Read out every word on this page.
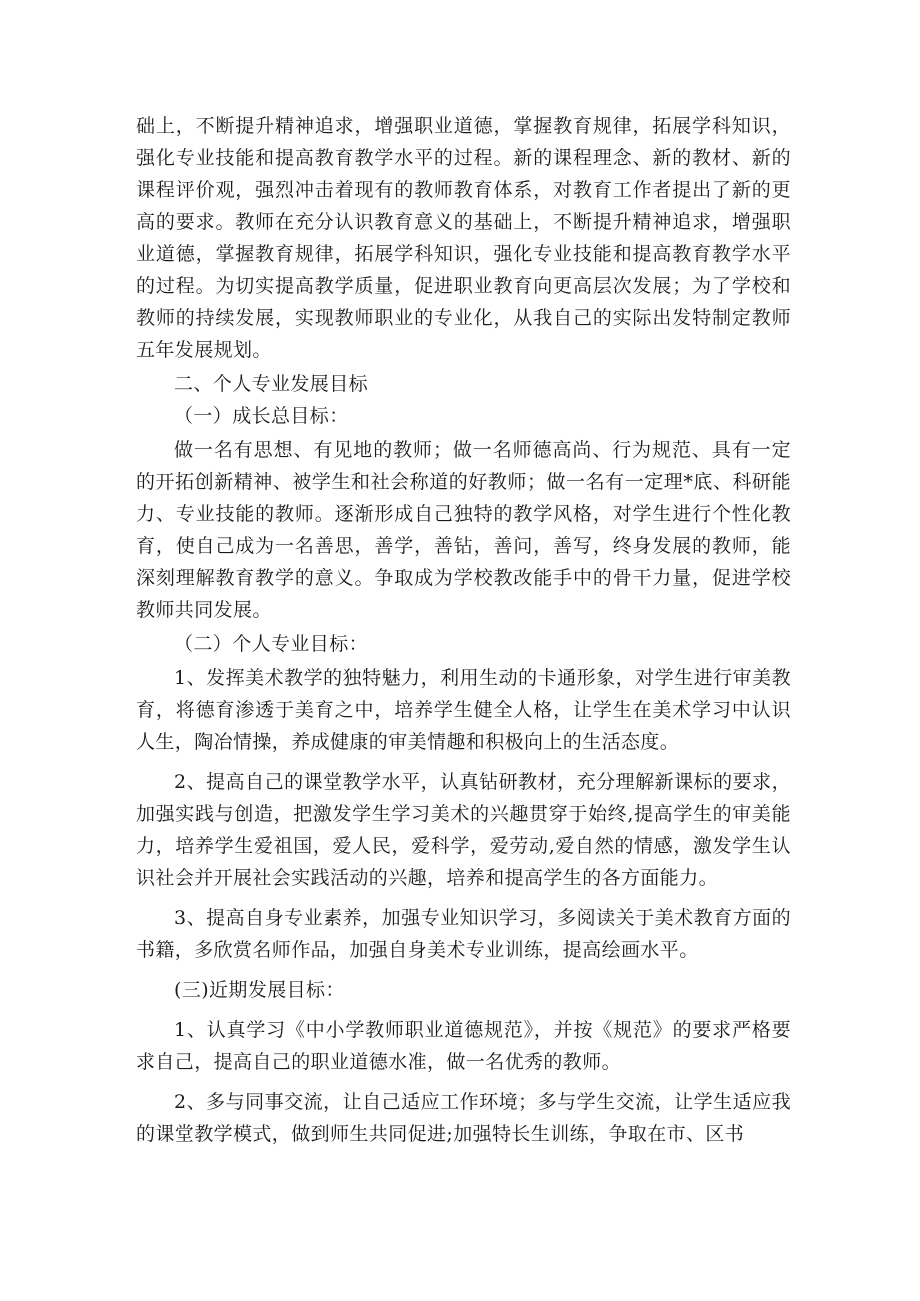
础上，不断提升精神追求，增强职业道德，掌握教育规律，拓展学科知识，强化专业技能和提高教育教学水平的过程。新的课程理念、新的教材、新的课程评价观，强烈冲击着现有的教师教育体系，对教育工作者提出了新的更高的要求。教师在充分认识教育意义的基础上，不断提升精神追求，增强职业道德，掌握教育规律，拓展学科知识，强化专业技能和提高教育教学水平的过程。为切实提高教学质量，促进职业教育向更高层次发展；为了学校和教师的持续发展，实现教师职业的专业化，从我自己的实际出发特制定教师五年发展规划。

二、个人专业发展目标

（一）成长总目标：

做一名有思想、有见地的教师；做一名师德高尚、行为规范、具有一定的开拓创新精神、被学生和社会称道的好教师；做一名有一定理*底、科研能力、专业技能的教师。逐渐形成自己独特的教学风格，对学生进行个性化教育，使自己成为一名善思，善学，善钻，善问，善写，终身发展的教师，能深刻理解教育教学的意义。争取成为学校教改能手中的骨干力量，促进学校教师共同发展。

（二）个人专业目标：

1、发挥美术教学的独特魅力，利用生动的卡通形象，对学生进行审美教育，将德育渗透于美育之中，培养学生健全人格，让学生在美术学习中认识人生，陶冶情操，养成健康的审美情趣和积极向上的生活态度。

2、提高自己的课堂教学水平，认真钻研教材，充分理解新课标的要求，加强实践与创造，把激发学生学习美术的兴趣贯穿于始终,提高学生的审美能力，培养学生爱祖国，爱人民，爱科学，爱劳动,爱自然的情感，激发学生认识社会并开展社会实践活动的兴趣，培养和提高学生的各方面能力。

3、提高自身专业素养，加强专业知识学习，多阅读关于美术教育方面的书籍，多欣赏名师作品，加强自身美术专业训练，提高绘画水平。

(三)近期发展目标：

1、认真学习《中小学教师职业道德规范》，并按《规范》的要求严格要求自己，提高自己的职业道德水准，做一名优秀的教师。

2、多与同事交流，让自己适应工作环境；多与学生交流，让学生适应我的课堂教学模式，做到师生共同促进;加强特长生训练，争取在市、区书
